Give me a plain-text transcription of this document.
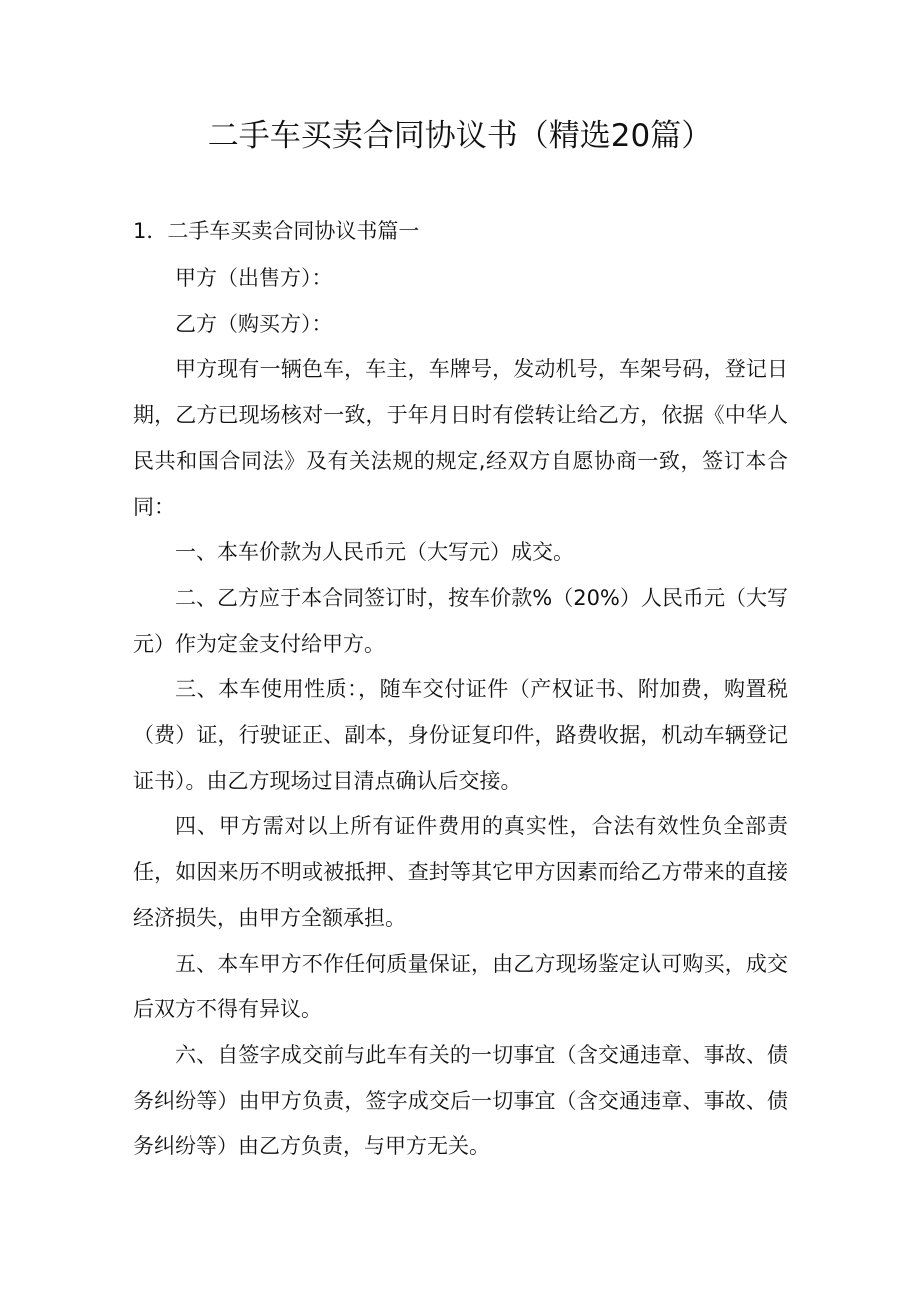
二手车买卖合同协议书（精选20篇）
1．二手车买卖合同协议书篇一

甲方（出售方）：

乙方（购买方）：

甲方现有一辆色车，车主，车牌号，发动机号，车架号码，登记日期，乙方已现场核对一致，于年月日时有偿转让给乙方，依据《中华人民共和国合同法》及有关法规的规定,经双方自愿协商一致，签订本合同：

一、本车价款为人民币元（大写元）成交。

二、乙方应于本合同签订时，按车价款%（20%）人民币元（大写元）作为定金支付给甲方。

三、本车使用性质：，随车交付证件（产权证书、附加费，购置税（费）证，行驶证正、副本，身份证复印件，路费收据，机动车辆登记证书）。由乙方现场过目清点确认后交接。

四、甲方需对以上所有证件费用的真实性，合法有效性负全部责任，如因来历不明或被抵押、查封等其它甲方因素而给乙方带来的直接经济损失，由甲方全额承担。

五、本车甲方不作任何质量保证，由乙方现场鉴定认可购买，成交后双方不得有异议。

六、自签字成交前与此车有关的一切事宜（含交通违章、事故、债务纠纷等）由甲方负责，签字成交后一切事宜（含交通违章、事故、债务纠纷等）由乙方负责，与甲方无关。
